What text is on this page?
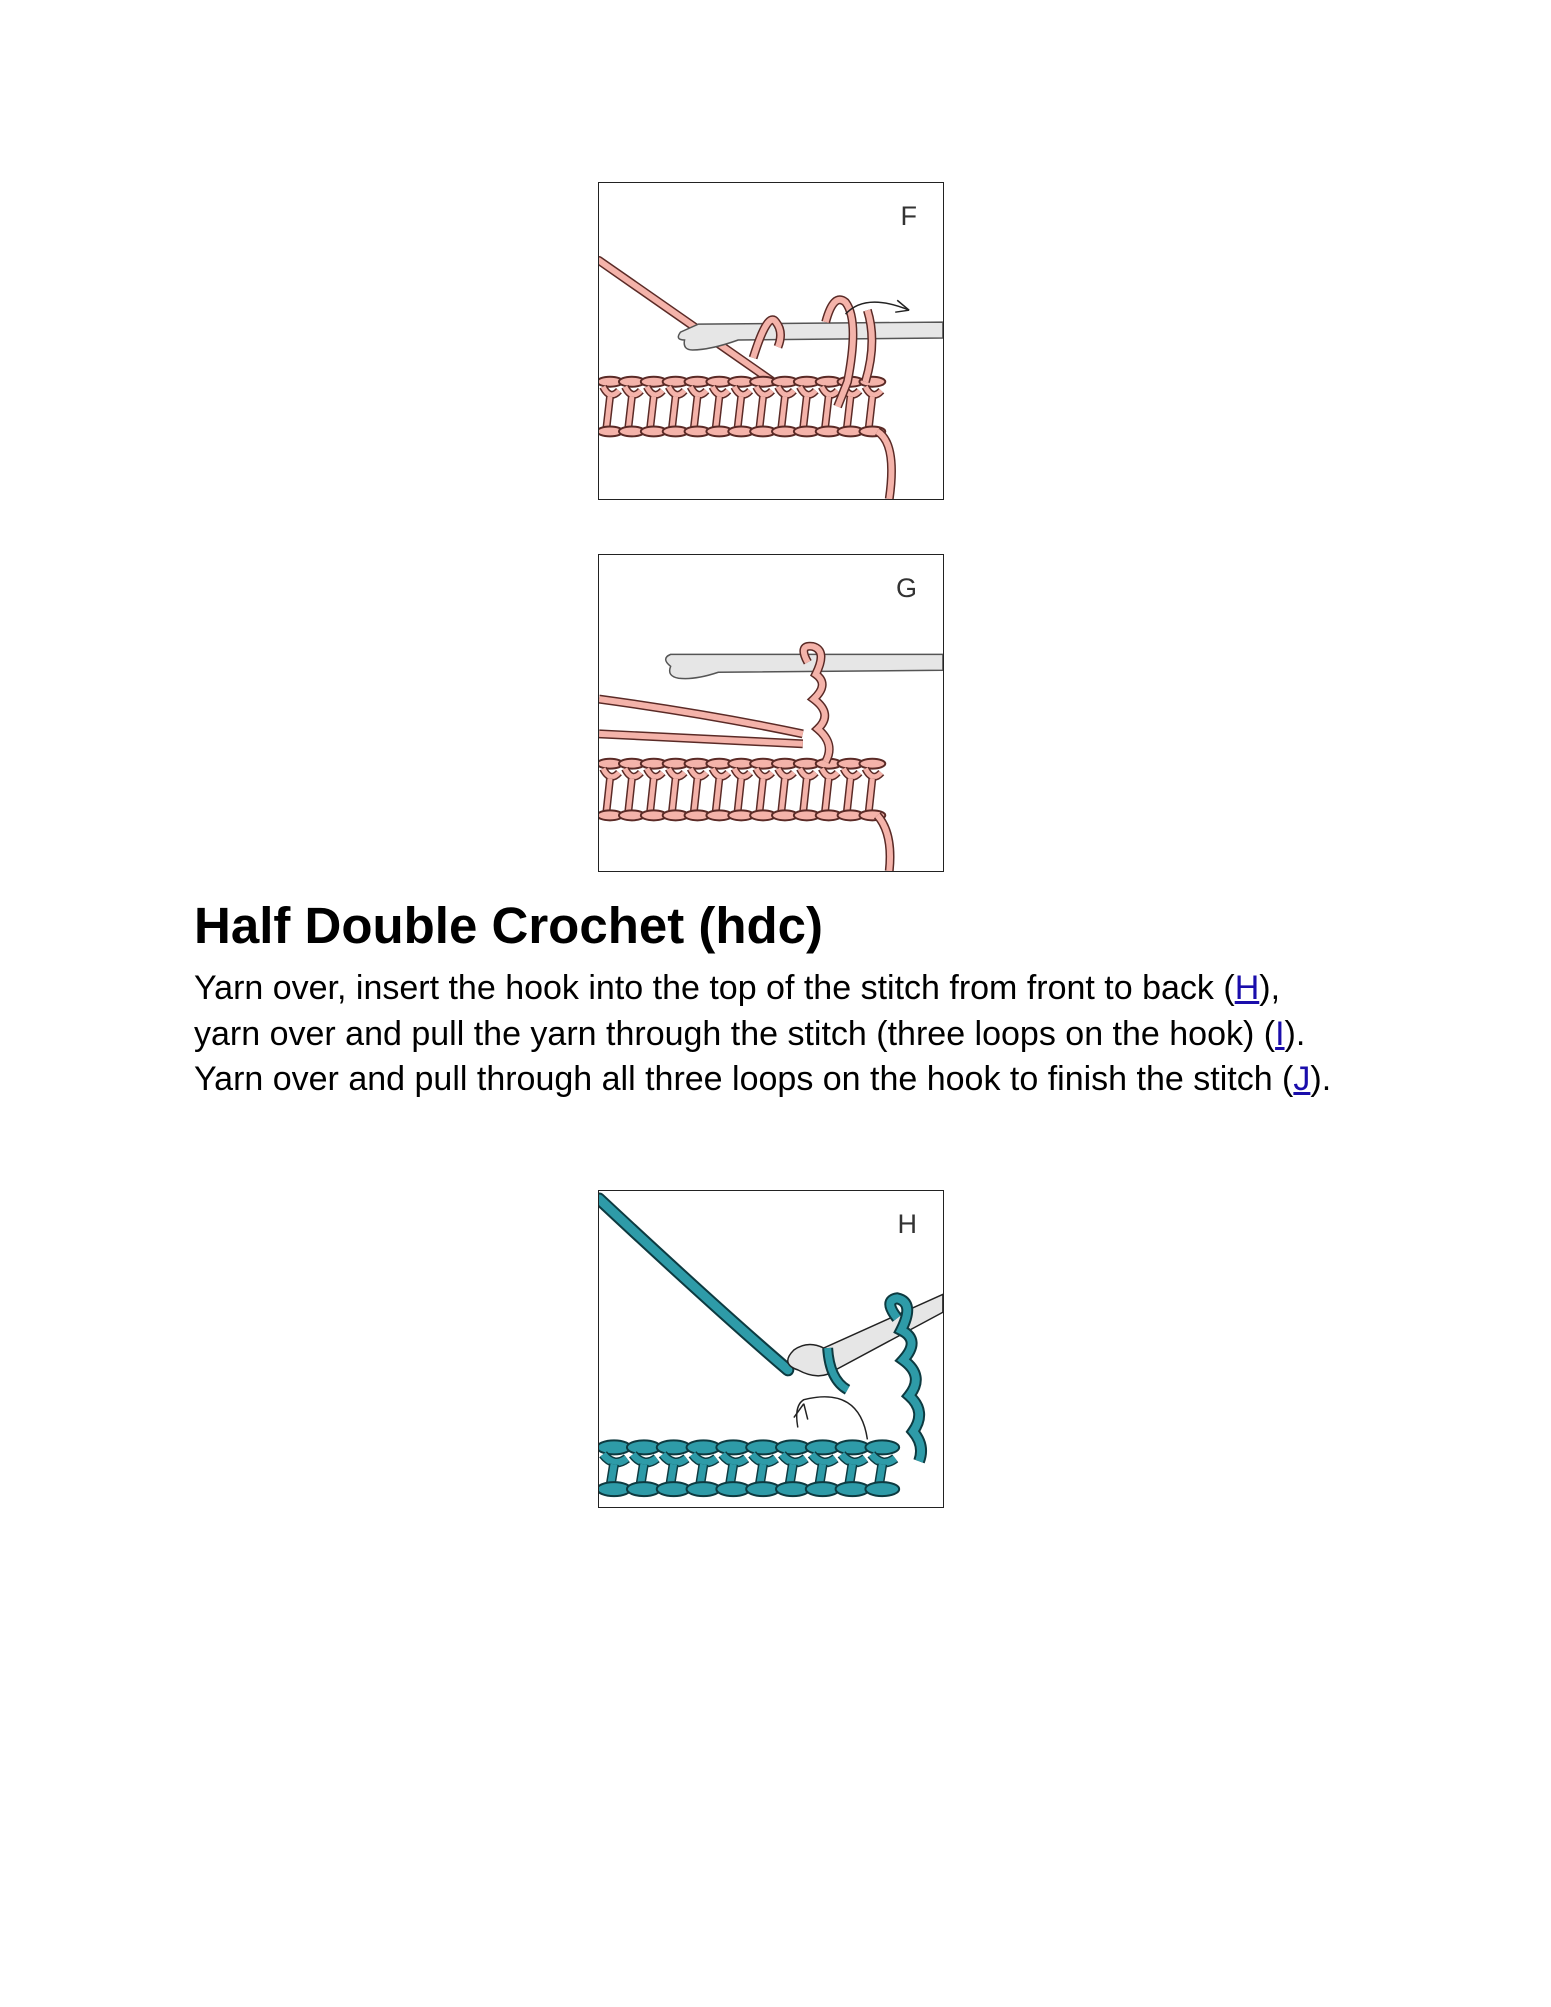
F
G
Half Double Crochet (hdc)

Yarn over, insert the hook into the top of the stitch from front to back (H), yarn over and pull the yarn through the stitch (three loops on the hook) (I). Yarn over and pull through all three loops on the hook to finish the stitch (J).

H
